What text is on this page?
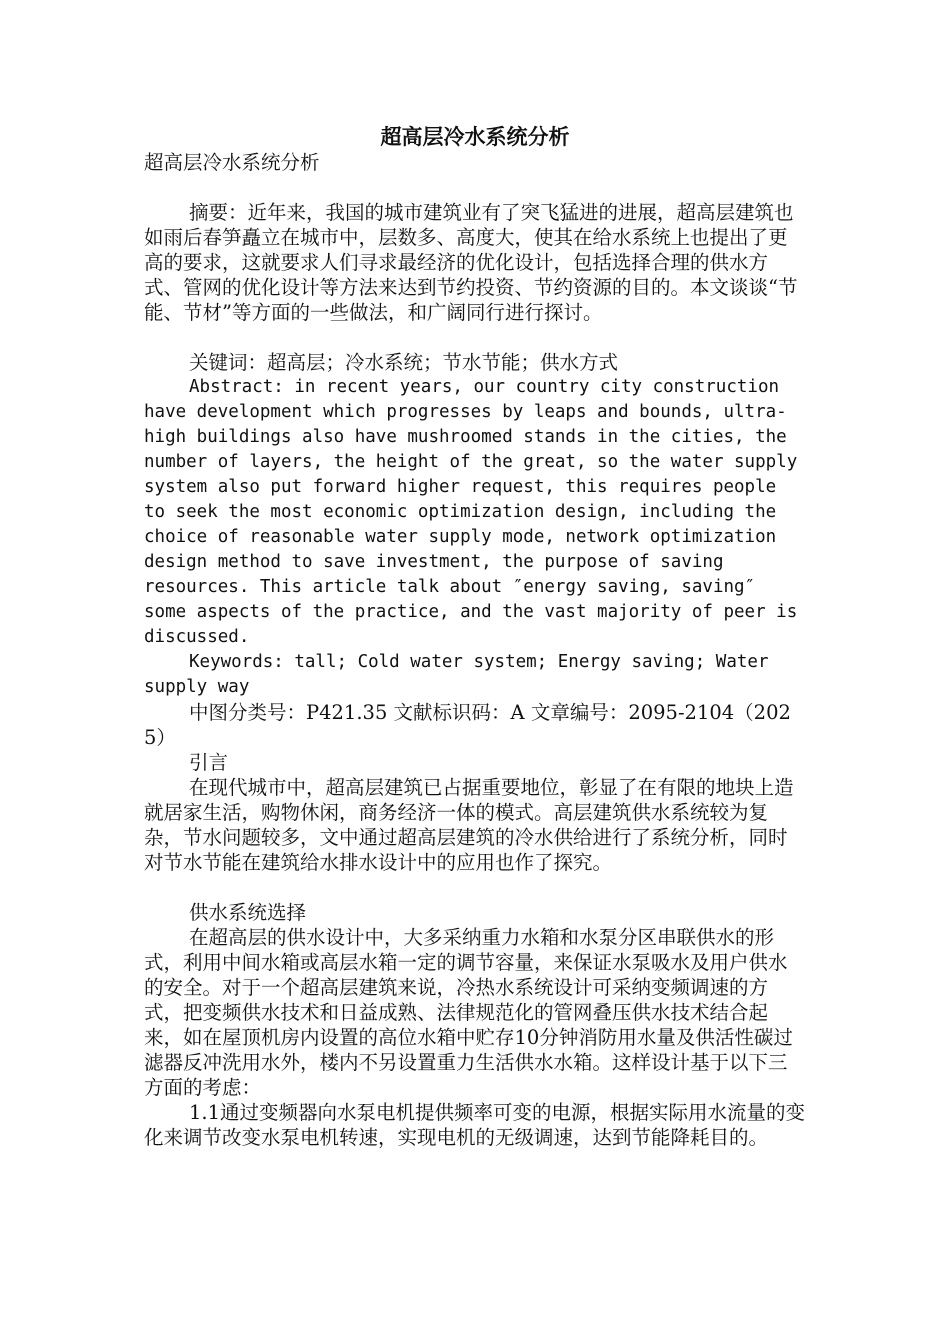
超高层冷水系统分析

超高层冷水系统分析

摘要：近年来，我国的城市建筑业有了突飞猛进的进展，超高层建筑也如雨后春笋矗立在城市中，层数多、高度大，使其在给水系统上也提出了更高的要求，这就要求人们寻求最经济的优化设计，包括选择合理的供水方式、管网的优化设计等方法来达到节约投资、节约资源的目的。本文谈谈“节能、节材”等方面的一些做法，和广阔同行进行探讨。

关键词：超高层；冷水系统；节水节能；供水方式

Abstract: in recent years, our country city construction have development which progresses by leaps and bounds, ultra-high buildings also have mushroomed stands in the cities, the number of layers, the height of the great, so the water supply system also put forward higher request, this requires people to seek the most economic optimization design, including the choice of reasonable water supply mode, network optimization design method to save investment, the purpose of saving resources. This article talk about ″energy saving, saving″ some aspects of the practice, and the vast majority of peer is discussed.

Keywords: tall; Cold water system; Energy saving; Water supply way

中图分类号：P421.35 文献标识码：A 文章编号：2095-2104（2025）

引言

在现代城市中，超高层建筑已占据重要地位，彰显了在有限的地块上造就居家生活，购物休闲，商务经济一体的模式。高层建筑供水系统较为复杂，节水问题较多，文中通过超高层建筑的冷水供给进行了系统分析，同时对节水节能在建筑给水排水设计中的应用也作了探究。

供水系统选择

在超高层的供水设计中，大多采纳重力水箱和水泵分区串联供水的形式，利用中间水箱或高层水箱一定的调节容量，来保证水泵吸水及用户供水的安全。对于一个超高层建筑来说，冷热水系统设计可采纳变频调速的方式，把变频供水技术和日益成熟、法律规范化的管网叠压供水技术结合起来，如在屋顶机房内设置的高位水箱中贮存10分钟消防用水量及供活性碳过滤器反冲洗用水外，楼内不另设置重力生活供水水箱。这样设计基于以下三方面的考虑：

1.1通过变频器向水泵电机提供频率可变的电源，根据实际用水流量的变化来调节改变水泵电机转速，实现电机的无级调速，达到节能降耗目的。
